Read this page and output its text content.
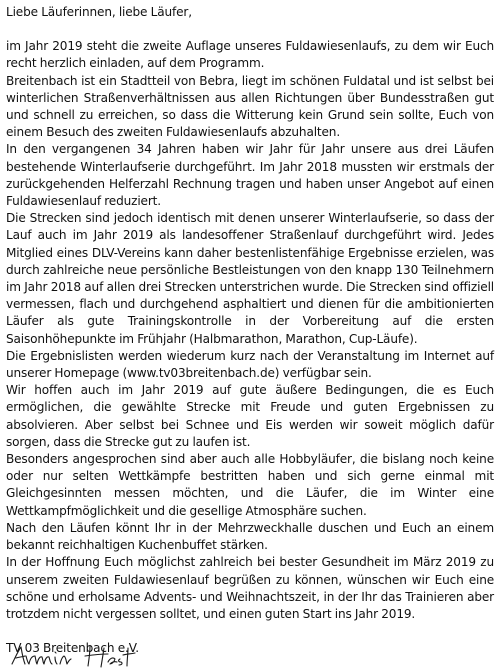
Liebe Läuferinnen, liebe Läufer,

im Jahr 2019 steht die zweite Auflage unseres Fuldawiesenlaufs, zu dem wir Euch recht herzlich einladen, auf dem Programm.

Breitenbach ist ein Stadtteil von Bebra, liegt im schönen Fuldatal und ist selbst bei winterlichen Straßenverhältnissen aus allen Richtungen über Bundesstraßen gut und schnell zu erreichen, so dass die Witterung kein Grund sein sollte, Euch von einem Besuch des zweiten Fuldawiesenlaufs abzuhalten.

In den vergangenen 34 Jahren haben wir Jahr für Jahr unsere aus drei Läufen bestehende Winterlaufserie durchgeführt. Im Jahr 2018 mussten wir erstmals der zurückgehenden Helferzahl Rechnung tragen und haben unser Angebot auf einen Fuldawiesenlauf reduziert.

Die Strecken sind jedoch identisch mit denen unserer Winterlaufserie, so dass der Lauf auch im Jahr 2019 als landesoffener Straßenlauf durchgeführt wird. Jedes Mitglied eines DLV-Vereins kann daher bestenlistenfähige Ergebnisse erzielen, was durch zahlreiche neue persönliche Bestleistungen von den knapp 130 Teilnehmern im Jahr 2018 auf allen drei Strecken unterstrichen wurde. Die Strecken sind offiziell vermessen, flach und durchgehend asphaltiert und dienen für die ambitionierten Läufer als gute Trainingskontrolle in der Vorbereitung auf die ersten Saisonhöhepunkte im Frühjahr (Halbmarathon, Marathon, Cup-Läufe).

Die Ergebnislisten werden wiederum kurz nach der Veranstaltung im Internet auf unserer Homepage (www.tv03breitenbach.de) verfügbar sein.

Wir hoffen auch im Jahr 2019 auf gute äußere Bedingungen, die es Euch ermöglichen, die gewählte Strecke mit Freude und guten Ergebnissen zu absolvieren. Aber selbst bei Schnee und Eis werden wir soweit möglich dafür sorgen, dass die Strecke gut zu laufen ist.

Besonders angesprochen sind aber auch alle Hobbyläufer, die bislang noch keine oder nur selten Wettkämpfe bestritten haben und sich gerne einmal mit Gleichgesinnten messen möchten, und die Läufer, die im Winter eine Wettkampfmöglichkeit und die gesellige Atmosphäre suchen.

Nach den Läufen könnt Ihr in der Mehrzweckhalle duschen und Euch an einem bekannt reichhaltigen Kuchenbuffet stärken.

In der Hoffnung Euch möglichst zahlreich bei bester Gesundheit im März 2019 zu unserem zweiten Fuldawiesenlauf begrüßen zu können, wünschen wir Euch eine schöne und erholsame Advents- und Weihnachtszeit, in der Ihr das Trainieren aber trotzdem nicht vergessen solltet, und einen guten Start ins Jahr 2019.

TV 03 Breitenbach e.V.
